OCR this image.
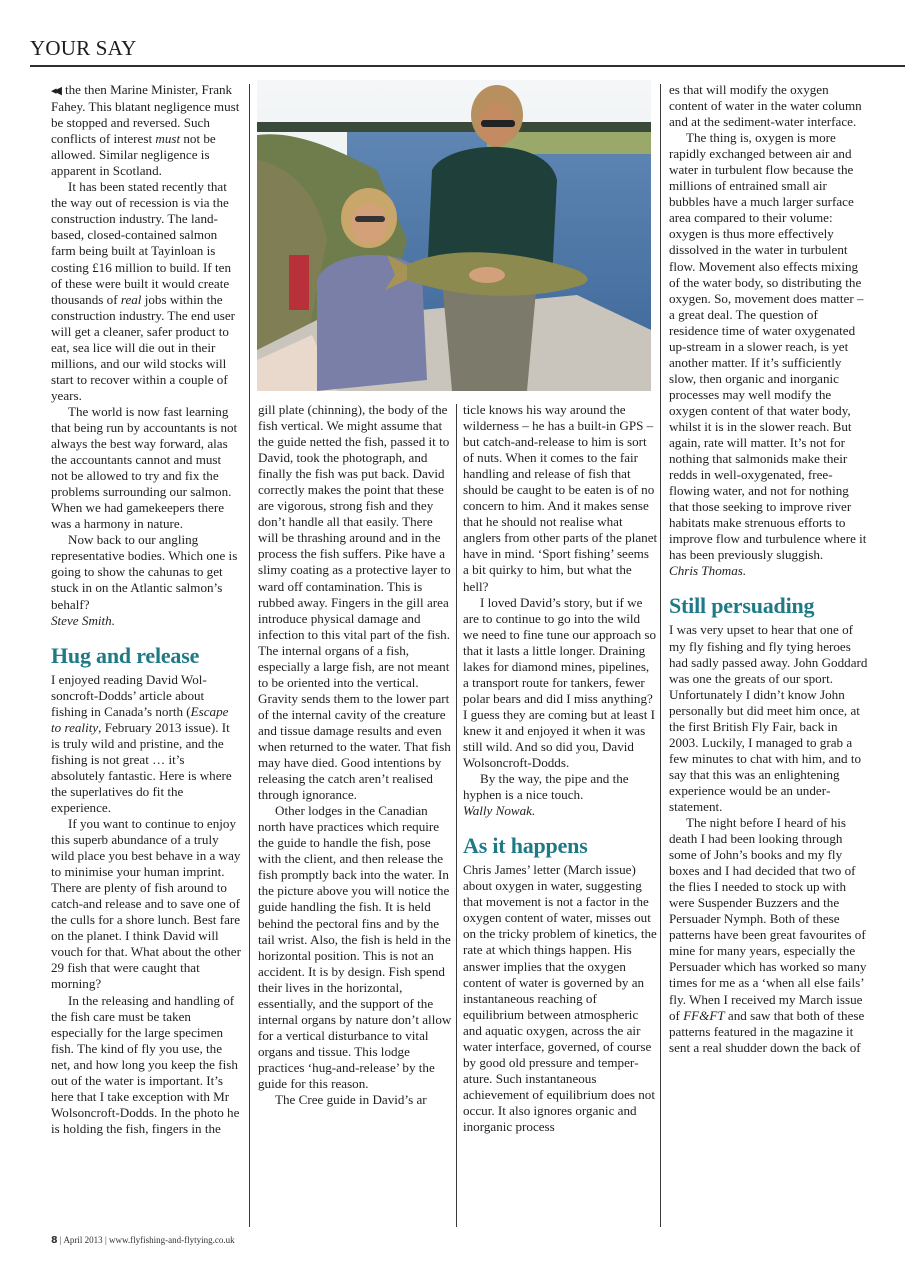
YOUR SAY

◂◀ the then Marine Minister, Frank Fahey. This blatant negligence must be stopped and reversed. Such conflicts of interest must not be allowed. Similar negligence is apparent in Scotland.

It has been stated recently that the way out of recession is via the construction industry. The land-based, closed-contained salmon farm being built at Tayinloan is costing £16 million to build. If ten of these were built it would create thousands of real jobs within the construction industry. The end user will get a cleaner, safer product to eat, sea lice will die out in their millions, and our wild stocks will start to recover within a couple of years.

The world is now fast learning that being run by accountants is not always the best way forward, alas the accountants cannot and must not be allowed to try and fix the problems surrounding our salmon. When we had gamekeepers there was a harmony in nature.

Now back to our angling representative bodies. Which one is going to show the cahunas to get stuck in on the Atlantic salmon’s behalf?

Steve Smith.

Hug and release

I enjoyed reading David Wolsoncroft-Dodds’ article about fishing in Canada’s north (Escape to reality, February 2013 issue). It is truly wild and pristine, and the fishing is not great … it’s absolutely fantastic. Here is where the superlatives do fit the experience.

If you want to continue to enjoy this superb abundance of a truly wild place you best behave in a way to minimise your human imprint. There are plenty of fish around to catch-and release and to save one of the culls for a shore lunch. Best fare on the planet. I think David will vouch for that. What about the other 29 fish that were caught that morning?

In the releasing and handling of the fish care must be taken especially for the large specimen fish. The kind of fly you use, the net, and how long you keep the fish out of the water is important. It’s here that I take exception with Mr Wolsoncroft-Dodds. In the photo he is holding the fish, fingers in the

gill plate (chinning), the body of the fish vertical. We might assume that the guide netted the fish, passed it to David, took the photograph, and finally the fish was put back. David correctly makes the point that these are vigorous, strong fish and they don’t handle all that easily. There will be thrashing around and in the process the fish suffers. Pike have a slimy coating as a protective layer to ward off contamination. This is rubbed away. Fingers in the gill area introduce physical damage and infection to this vital part of the fish. The internal organs of a fish, especially a large fish, are not meant to be oriented into the vertical. Gravity sends them to the lower part of the internal cavity of the creature and tissue damage results and even when returned to the water. That fish may have died. Good intentions by releasing the catch aren’t realised through ignorance.

Other lodges in the Canadian north have practices which require the guide to handle the fish, pose with the client, and then release the fish promptly back into the water. In the picture above you will notice the guide handling the fish. It is held behind the pectoral fins and by the tail wrist. Also, the fish is held in the horizontal position. This is not an accident. It is by design. Fish spend their lives in the horizontal, essentially, and the support of the internal organs by nature don’t allow for a vertical disturbance to vital organs and tissue. This lodge practices ‘hug-and-release’ by the guide for this reason.

The Cree guide in David’s ar

ticle knows his way around the wilderness – he has a built-in GPS – but catch-and-release to him is sort of nuts. When it comes to the fair handling and release of fish that should be caught to be eaten is of no concern to him. And it makes sense that he should not realise what anglers from other parts of the planet have in mind. ‘Sport fishing’ seems a bit quirky to him, but what the hell?

I loved David’s story, but if we are to continue to go into the wild we need to fine tune our approach so that it lasts a little longer. Draining lakes for diamond mines, pipelines, a transport route for tankers, fewer polar bears and did I miss anything? I guess they are coming but at least I knew it and enjoyed it when it was still wild. And so did you, David Wolsoncroft-Dodds.

By the way, the pipe and the hyphen is a nice touch.

Wally Nowak.

As it happens

Chris James’ letter (March issue) about oxygen in water, suggesting that movement is not a factor in the oxygen content of water, misses out on the tricky problem of kinetics, the rate at which things happen. His answer implies that the oxygen content of water is governed by an instantaneous reaching of equilibrium between atmospheric and aquatic oxygen, across the air water interface, governed, of course by good old pressure and temperature. Such instantaneous achievement of equilibrium does not occur. It also ignores organic and inorganic process

es that will modify the oxygen content of water in the water column and at the sediment-water interface.

The thing is, oxygen is more rapidly exchanged between air and water in turbulent flow because the millions of entrained small air bubbles have a much larger surface area compared to their volume: oxygen is thus more effectively dissolved in the water in turbulent flow. Movement also effects mixing of the water body, so distributing the oxygen. So, movement does matter – a great deal. The question of residence time of water oxygenated up-stream in a slower reach, is yet another matter. If it’s sufficiently slow, then organic and inorganic processes may well modify the oxygen content of that water body, whilst it is in the slower reach. But again, rate will matter. It’s not for nothing that salmonids make their redds in well-oxygenated, free-flowing water, and not for nothing that those seeking to improve river habitats make strenuous efforts to improve flow and turbulence where it has been previously sluggish.

Chris Thomas.

Still persuading

I was very upset to hear that one of my fly fishing and fly tying heroes had sadly passed away. John Goddard was one the greats of our sport. Unfortunately I didn’t know John personally but did meet him once, at the first British Fly Fair, back in 2003. Luckily, I managed to grab a few minutes to chat with him, and to say that this was an enlightening experience would be an understatement.

The night before I heard of his death I had been looking through some of John’s books and my fly boxes and I had decided that two of the flies I needed to stock up with were Suspender Buzzers and the Persuader Nymph. Both of these patterns have been great favourites of mine for many years, especially the Persuader which has worked so many times for me as a ‘when all else fails’ fly. When I received my March issue of FF&FT and saw that both of these patterns featured in the magazine it sent a real shudder down the back of

8 | April 2013 | www.flyfishing-and-flytying.co.uk
